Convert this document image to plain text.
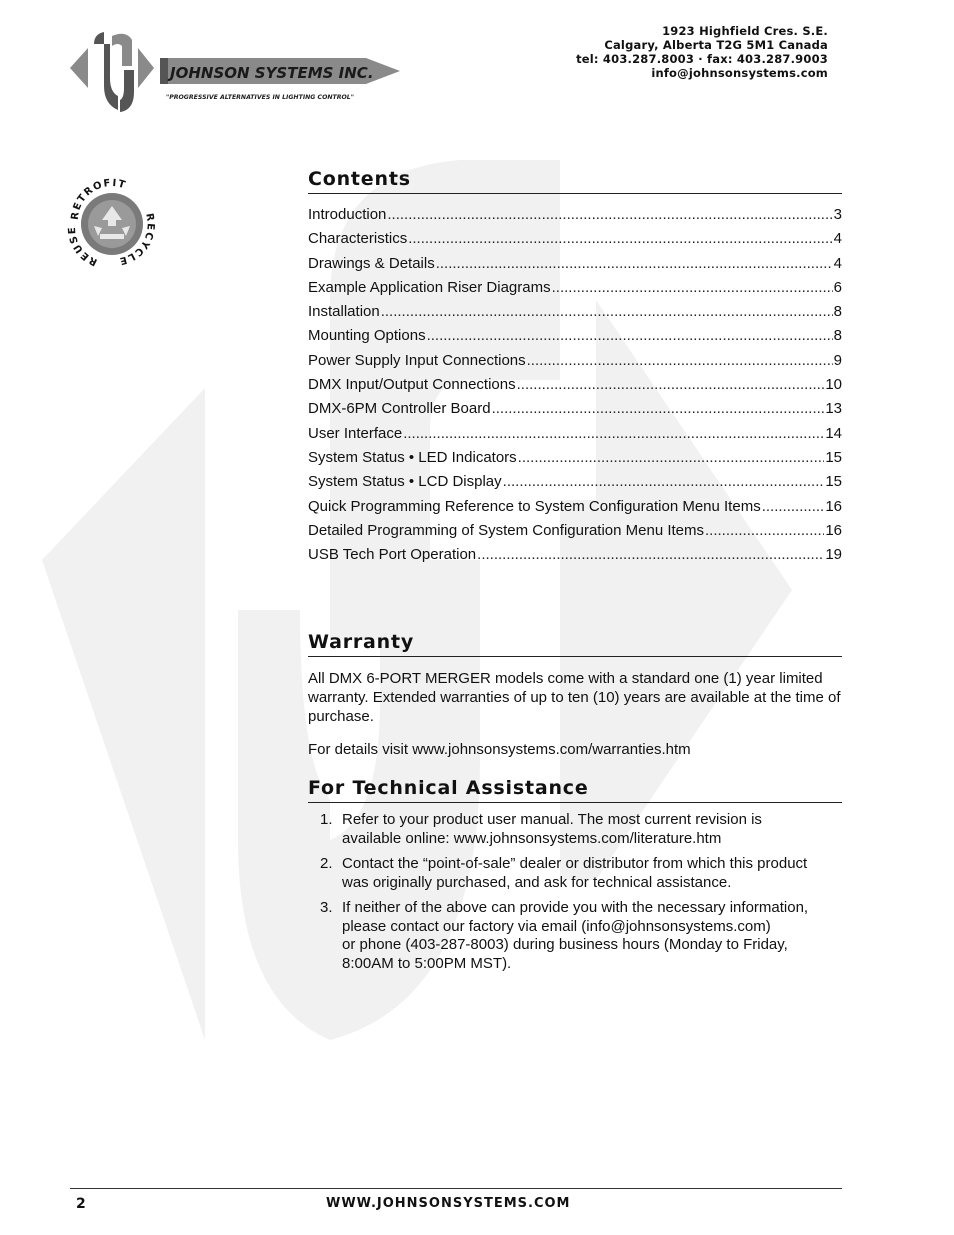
JOHNSON SYSTEMS INC.
"PROGRESSIVE ALTERNATIVES IN LIGHTING CONTROL"
1923 Highfield Cres. S.E.
Calgary, Alberta T2G 5M1 Canada
tel: 403.287.8003 · fax: 403.287.9003
info@johnsonsystems.com
RETROFIT
RECYCLE
REUSE
Contents
Introduction .....	3
Characteristics .....	4
Drawings & Details .....	4
Example Application Riser Diagrams .....	6
Installation .....	8
Mounting Options .....	8
Power Supply Input Connections .....	9
DMX Input/Output Connections .....	10
DMX-6PM Controller Board .....	13
User Interface .....	14
System Status • LED Indicators .....	15
System Status • LCD Display .....	15
Quick Programming Reference to System Configuration Menu Items .....	16
Detailed Programming of System Configuration Menu Items .....	16
USB Tech Port Operation .....	19
Warranty

All DMX 6-PORT MERGER models come with a standard one (1) year limited warranty. Extended warranties of up to ten (10) years are available at the time of purchase.

For details visit www.johnsonsystems.com/warranties.htm

For Technical Assistance
1. Refer to your product user manual. The most current revision is
available online: www.johnsonsystems.com/literature.htm
2. Contact the “point-of-sale” dealer or distributor from which this product
was originally purchased, and ask for technical assistance.
3. If neither of the above can provide you with the necessary information,
please contact our factory via email (info@johnsonsystems.com)
or phone (403-287-8003) during business hours (Monday to Friday,
8:00AM to 5:00PM MST).
2	WWW.JOHNSONSYSTEMS.COM
